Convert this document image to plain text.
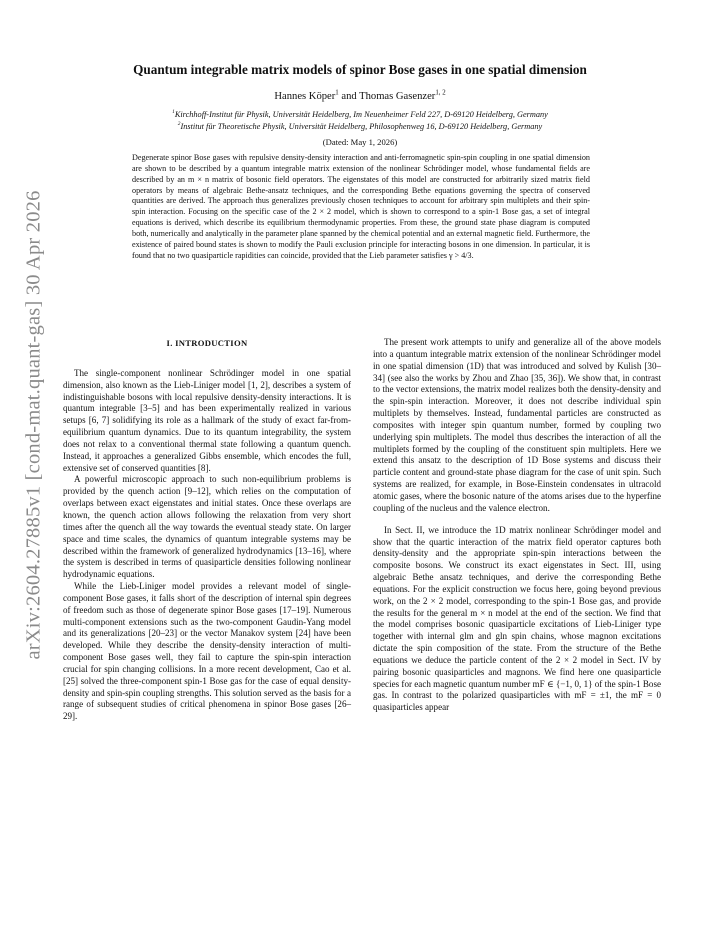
arXiv:2604.27885v1 [cond-mat.quant-gas] 30 Apr 2026
Quantum integrable matrix models of spinor Bose gases in one spatial dimension
Hannes Köper$^1$ and Thomas Gasenzer$^{1, 2}$
$^1$Kirchhoff-Institut für Physik, Universität Heidelberg, Im Neuenheimer Feld 227, D-69120 Heidelberg, Germany
$^2$Institut für Theoretische Physik, Universität Heidelberg, Philosophenweg 16, D-69120 Heidelberg, Germany
(Dated: May 1, 2026)

Degenerate spinor Bose gases with repulsive density-density interaction and anti-ferromagnetic spin-spin coupling in one spatial dimension are shown to be described by a quantum integrable matrix extension of the nonlinear Schrödinger model, whose fundamental fields are described by an m × n matrix of bosonic field operators. The eigenstates of this model are constructed for arbitrarily sized matrix field operators by means of algebraic Bethe-ansatz techniques, and the corresponding Bethe equations governing the spectra of conserved quantities are derived. The approach thus generalizes previously chosen techniques to account for arbitrary spin multiplets and their spin-spin interaction. Focusing on the specific case of the 2 × 2 model, which is shown to correspond to a spin-1 Bose gas, a set of integral equations is derived, which describe its equilibrium thermodynamic properties. From these, the ground state phase diagram is computed both, numerically and analytically in the parameter plane spanned by the chemical potential and an external magnetic field. Furthermore, the existence of paired bound states is shown to modify the Pauli exclusion principle for interacting bosons in one dimension. In particular, it is found that no two quasiparticle rapidities can coincide, provided that the Lieb parameter satisfies γ > 4/3.

I. INTRODUCTION

The single-component nonlinear Schrödinger model in one spatial dimension, also known as the Lieb-Liniger model [1, 2], describes a system of indistinguishable bosons with local repulsive density-density interactions. It is quantum integrable [3–5] and has been experimentally realized in various setups [6, 7] solidifying its role as a hallmark of the study of exact far-from-equilibrium quantum dynamics. Due to its quantum integrability, the system does not relax to a conventional thermal state following a quantum quench. Instead, it approaches a generalized Gibbs ensemble, which encodes the full, extensive set of conserved quantities [8].

A powerful microscopic approach to such non-equilibrium problems is provided by the quench action [9–12], which relies on the computation of overlaps between exact eigenstates and initial states. Once these overlaps are known, the quench action allows following the relaxation from very short times after the quench all the way towards the eventual steady state. On larger space and time scales, the dynamics of quantum integrable systems may be described within the framework of generalized hydrodynamics [13–16], where the system is described in terms of quasiparticle densities following nonlinear hydrodynamic equations.

While the Lieb-Liniger model provides a relevant model of single-component Bose gases, it falls short of the description of internal spin degrees of freedom such as those of degenerate spinor Bose gases [17–19]. Numerous multi-component extensions such as the two-component Gaudin-Yang model and its generalizations [20–23] or the vector Manakov system [24] have been developed. While they describe the density-density interaction of multi-component Bose gases well, they fail to capture the spin-spin interaction crucial for spin changing collisions. In a more recent development, Cao et al. [25] solved the three-component spin-1 Bose gas for the case of equal density-density and spin-spin coupling strengths. This solution served as the basis for a range of subsequent studies of critical phenomena in spinor Bose gases [26–29].

The present work attempts to unify and generalize all of the above models into a quantum integrable matrix extension of the nonlinear Schrödinger model in one spatial dimension (1D) that was introduced and solved by Kulish [30–34] (see also the works by Zhou and Zhao [35, 36]). We show that, in contrast to the vector extensions, the matrix model realizes both the density-density and the spin-spin interaction. Moreover, it does not describe individual spin multiplets by themselves. Instead, fundamental particles are constructed as composites with integer spin quantum number, formed by coupling two underlying spin multiplets. The model thus describes the interaction of all the multiplets formed by the coupling of the constituent spin multiplets. Here we extend this ansatz to the description of 1D Bose systems and discuss their particle content and ground-state phase diagram for the case of unit spin. Such systems are realized, for example, in Bose-Einstein condensates in ultracold atomic gases, where the bosonic nature of the atoms arises due to the hyperfine coupling of the nucleus and the valence electron.

In Sect. II, we introduce the 1D matrix nonlinear Schrödinger model and show that the quartic interaction of the matrix field operator captures both density-density and the appropriate spin-spin interactions between the composite bosons. We construct its exact eigenstates in Sect. III, using algebraic Bethe ansatz techniques, and derive the corresponding Bethe equations. For the explicit construction we focus here, going beyond previous work, on the 2 × 2 model, corresponding to the spin-1 Bose gas, and provide the results for the general m × n model at the end of the section. We find that the model comprises bosonic quasiparticle excitations of Lieb-Liniger type together with internal glm and gln spin chains, whose magnon excitations dictate the spin composition of the state. From the structure of the Bethe equations we deduce the particle content of the 2 × 2 model in Sect. IV by pairing bosonic quasiparticles and magnons. We find here one quasiparticle species for each magnetic quantum number mF ∈ {−1, 0, 1} of the spin-1 Bose gas. In contrast to the polarized quasiparticles with mF = ±1, the mF = 0 quasiparticles appear
